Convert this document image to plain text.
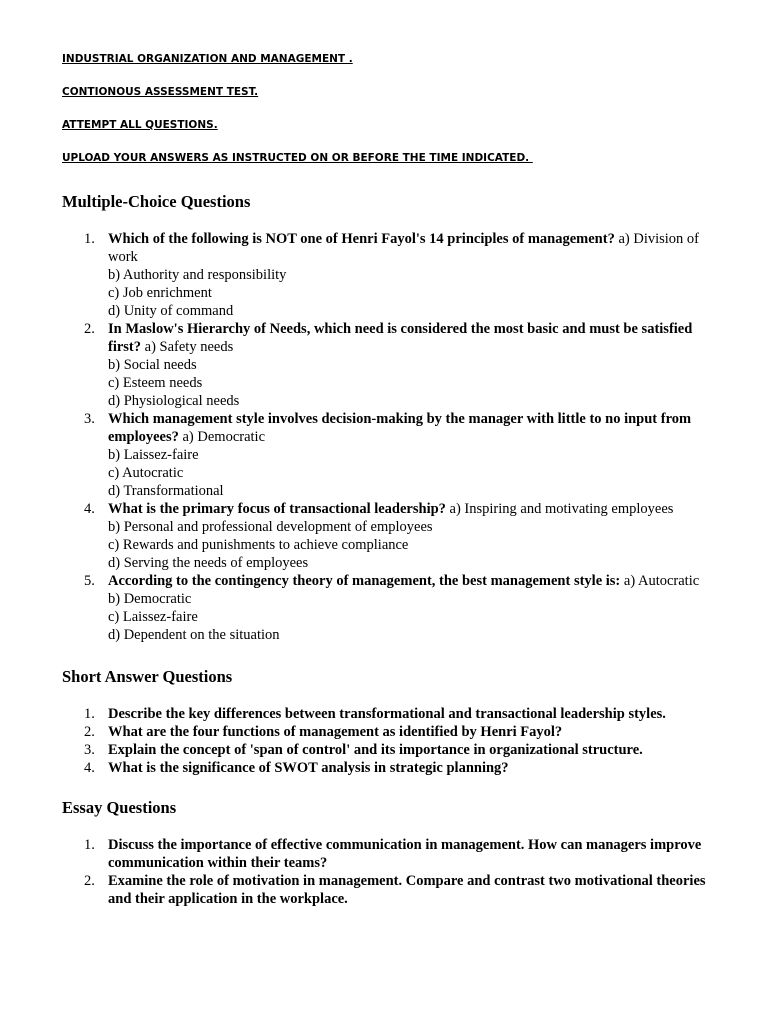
INDUSTRIAL ORGANIZATION AND MANAGEMENT .
CONTIONOUS ASSESSMENT TEST.
ATTEMPT ALL QUESTIONS.
UPLOAD YOUR ANSWERS AS INSTRUCTED ON OR BEFORE THE TIME INDICATED.
Multiple-Choice Questions
1. Which of the following is NOT one of Henri Fayol's 14 principles of management? a) Division of work
b) Authority and responsibility
c) Job enrichment
d) Unity of command
2. In Maslow's Hierarchy of Needs, which need is considered the most basic and must be satisfied first? a) Safety needs
b) Social needs
c) Esteem needs
d) Physiological needs
3. Which management style involves decision-making by the manager with little to no input from employees? a) Democratic
b) Laissez-faire
c) Autocratic
d) Transformational
4. What is the primary focus of transactional leadership? a) Inspiring and motivating employees
b) Personal and professional development of employees
c) Rewards and punishments to achieve compliance
d) Serving the needs of employees
5. According to the contingency theory of management, the best management style is: a) Autocratic
b) Democratic
c) Laissez-faire
d) Dependent on the situation
Short Answer Questions
1. Describe the key differences between transformational and transactional leadership styles.
2. What are the four functions of management as identified by Henri Fayol?
3. Explain the concept of 'span of control' and its importance in organizational structure.
4. What is the significance of SWOT analysis in strategic planning?
Essay Questions
1. Discuss the importance of effective communication in management. How can managers improve communication within their teams?
2. Examine the role of motivation in management. Compare and contrast two motivational theories and their application in the workplace.
